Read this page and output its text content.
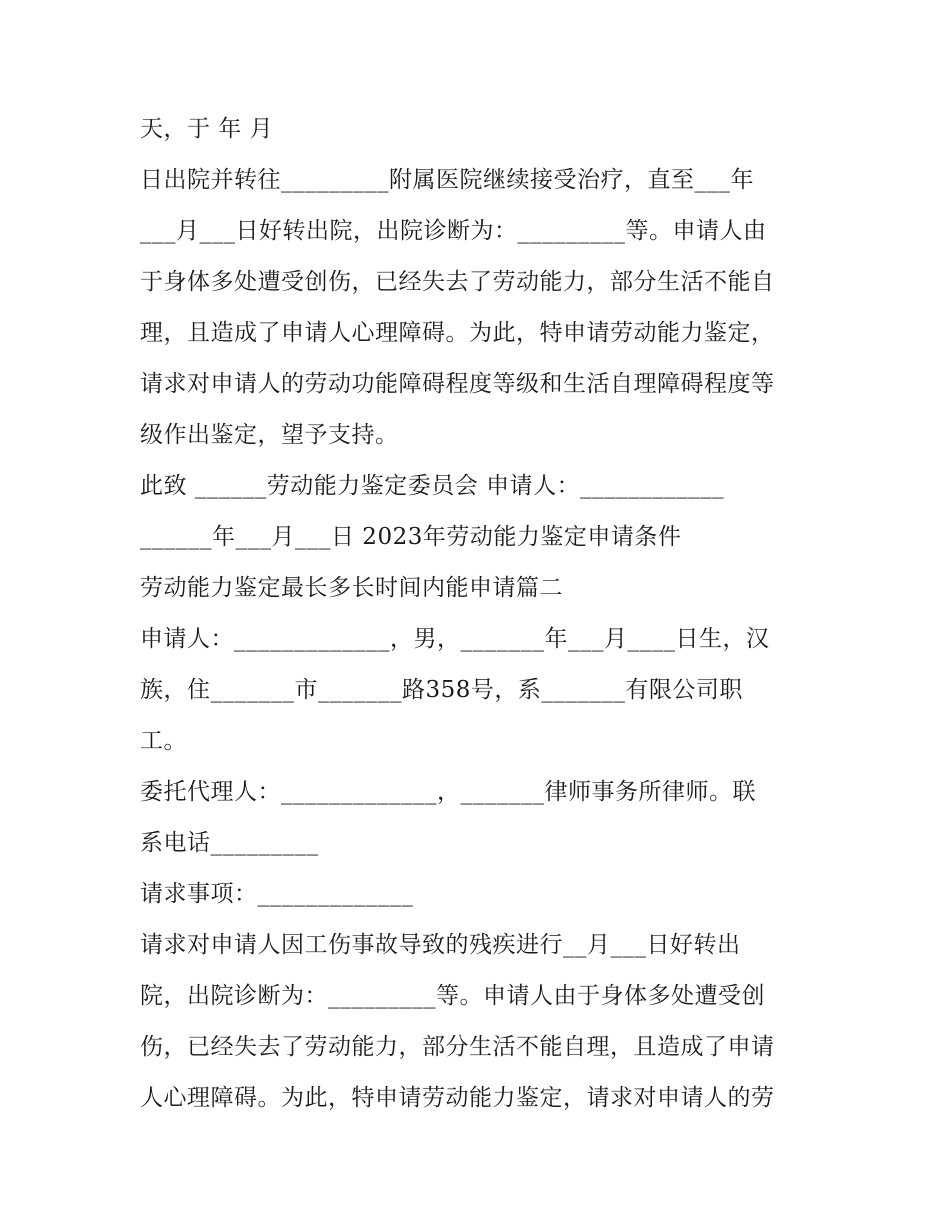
天，于 年 月
日出院并转往_________附属医院继续接受治疗，直至___年
___月___日好转出院，出院诊断为：_________等。申请人由
于身体多处遭受创伤，已经失去了劳动能力，部分生活不能自
理，且造成了申请人心理障碍。为此，特申请劳动能力鉴定，
请求对申请人的劳动功能障碍程度等级和生活自理障碍程度等
级作出鉴定，望予支持。
此致 ______劳动能力鉴定委员会 申请人：____________
______年___月___日 2023年劳动能力鉴定申请条件
劳动能力鉴定最长多长时间内能申请篇二
申请人：_____________，男，_______年___月____日生，汉
族，住_______市_______路358号，系_______有限公司职
工。
委托代理人：_____________，_______律师事务所律师。联
系电话_________
请求事项：_____________
请求对申请人因工伤事故导致的残疾进行__月___日好转出
院，出院诊断为：_________等。申请人由于身体多处遭受创
伤，已经失去了劳动能力，部分生活不能自理，且造成了申请
人心理障碍。为此，特申请劳动能力鉴定，请求对申请人的劳
